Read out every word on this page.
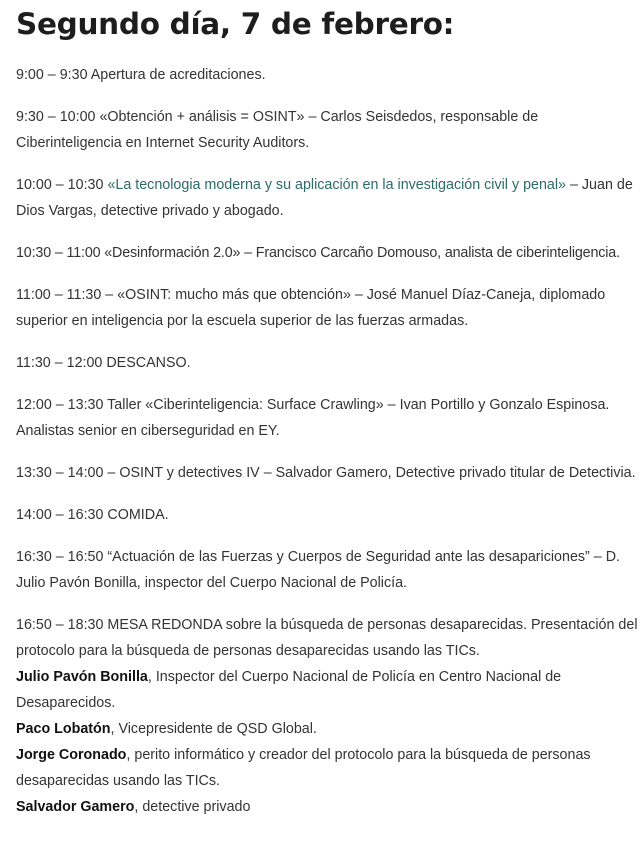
Segundo día, 7 de febrero:

9:00 – 9:30 Apertura de acreditaciones.

9:30 – 10:00 «Obtención + análisis = OSINT» – Carlos Seisdedos, responsable de Ciberinteligencia en Internet Security Auditors.

10:00 – 10:30 «La tecnologia moderna y su aplicación en la investigación civil y penal» – Juan de Dios Vargas, detective privado y abogado.

10:30 – 11:00 «Desinformación 2.0» – Francisco Carcaño Domouso, analista de ciberinteligencia.

11:00 – 11:30 – «OSINT: mucho más que obtención» – José Manuel Díaz-Caneja, diplomado superior en inteligencia por la escuela superior de las fuerzas armadas.

11:30 – 12:00 DESCANSO.

12:00 – 13:30 Taller «Ciberinteligencia: Surface Crawling» – Ivan Portillo y Gonzalo Espinosa. Analistas senior en ciberseguridad en EY.

13:30 – 14:00 – OSINT y detectives IV – Salvador Gamero, Detective privado titular de Detectivia.

14:00 – 16:30 COMIDA.

16:30 – 16:50 “Actuación de las Fuerzas y Cuerpos de Seguridad ante las desapariciones” – D. Julio Pavón Bonilla, inspector del Cuerpo Nacional de Policía.

16:50 – 18:30 MESA REDONDA sobre la búsqueda de personas desaparecidas. Presentación del protocolo para la búsqueda de personas desaparecidas usando las TICs.
Julio Pavón Bonilla, Inspector del Cuerpo Nacional de Policía en Centro Nacional de Desaparecidos.
Paco Lobatón, Vicepresidente de QSD Global.
Jorge Coronado, perito informático y creador del protocolo para la búsqueda de personas desaparecidas usando las TICs.
Salvador Gamero, detective privado
